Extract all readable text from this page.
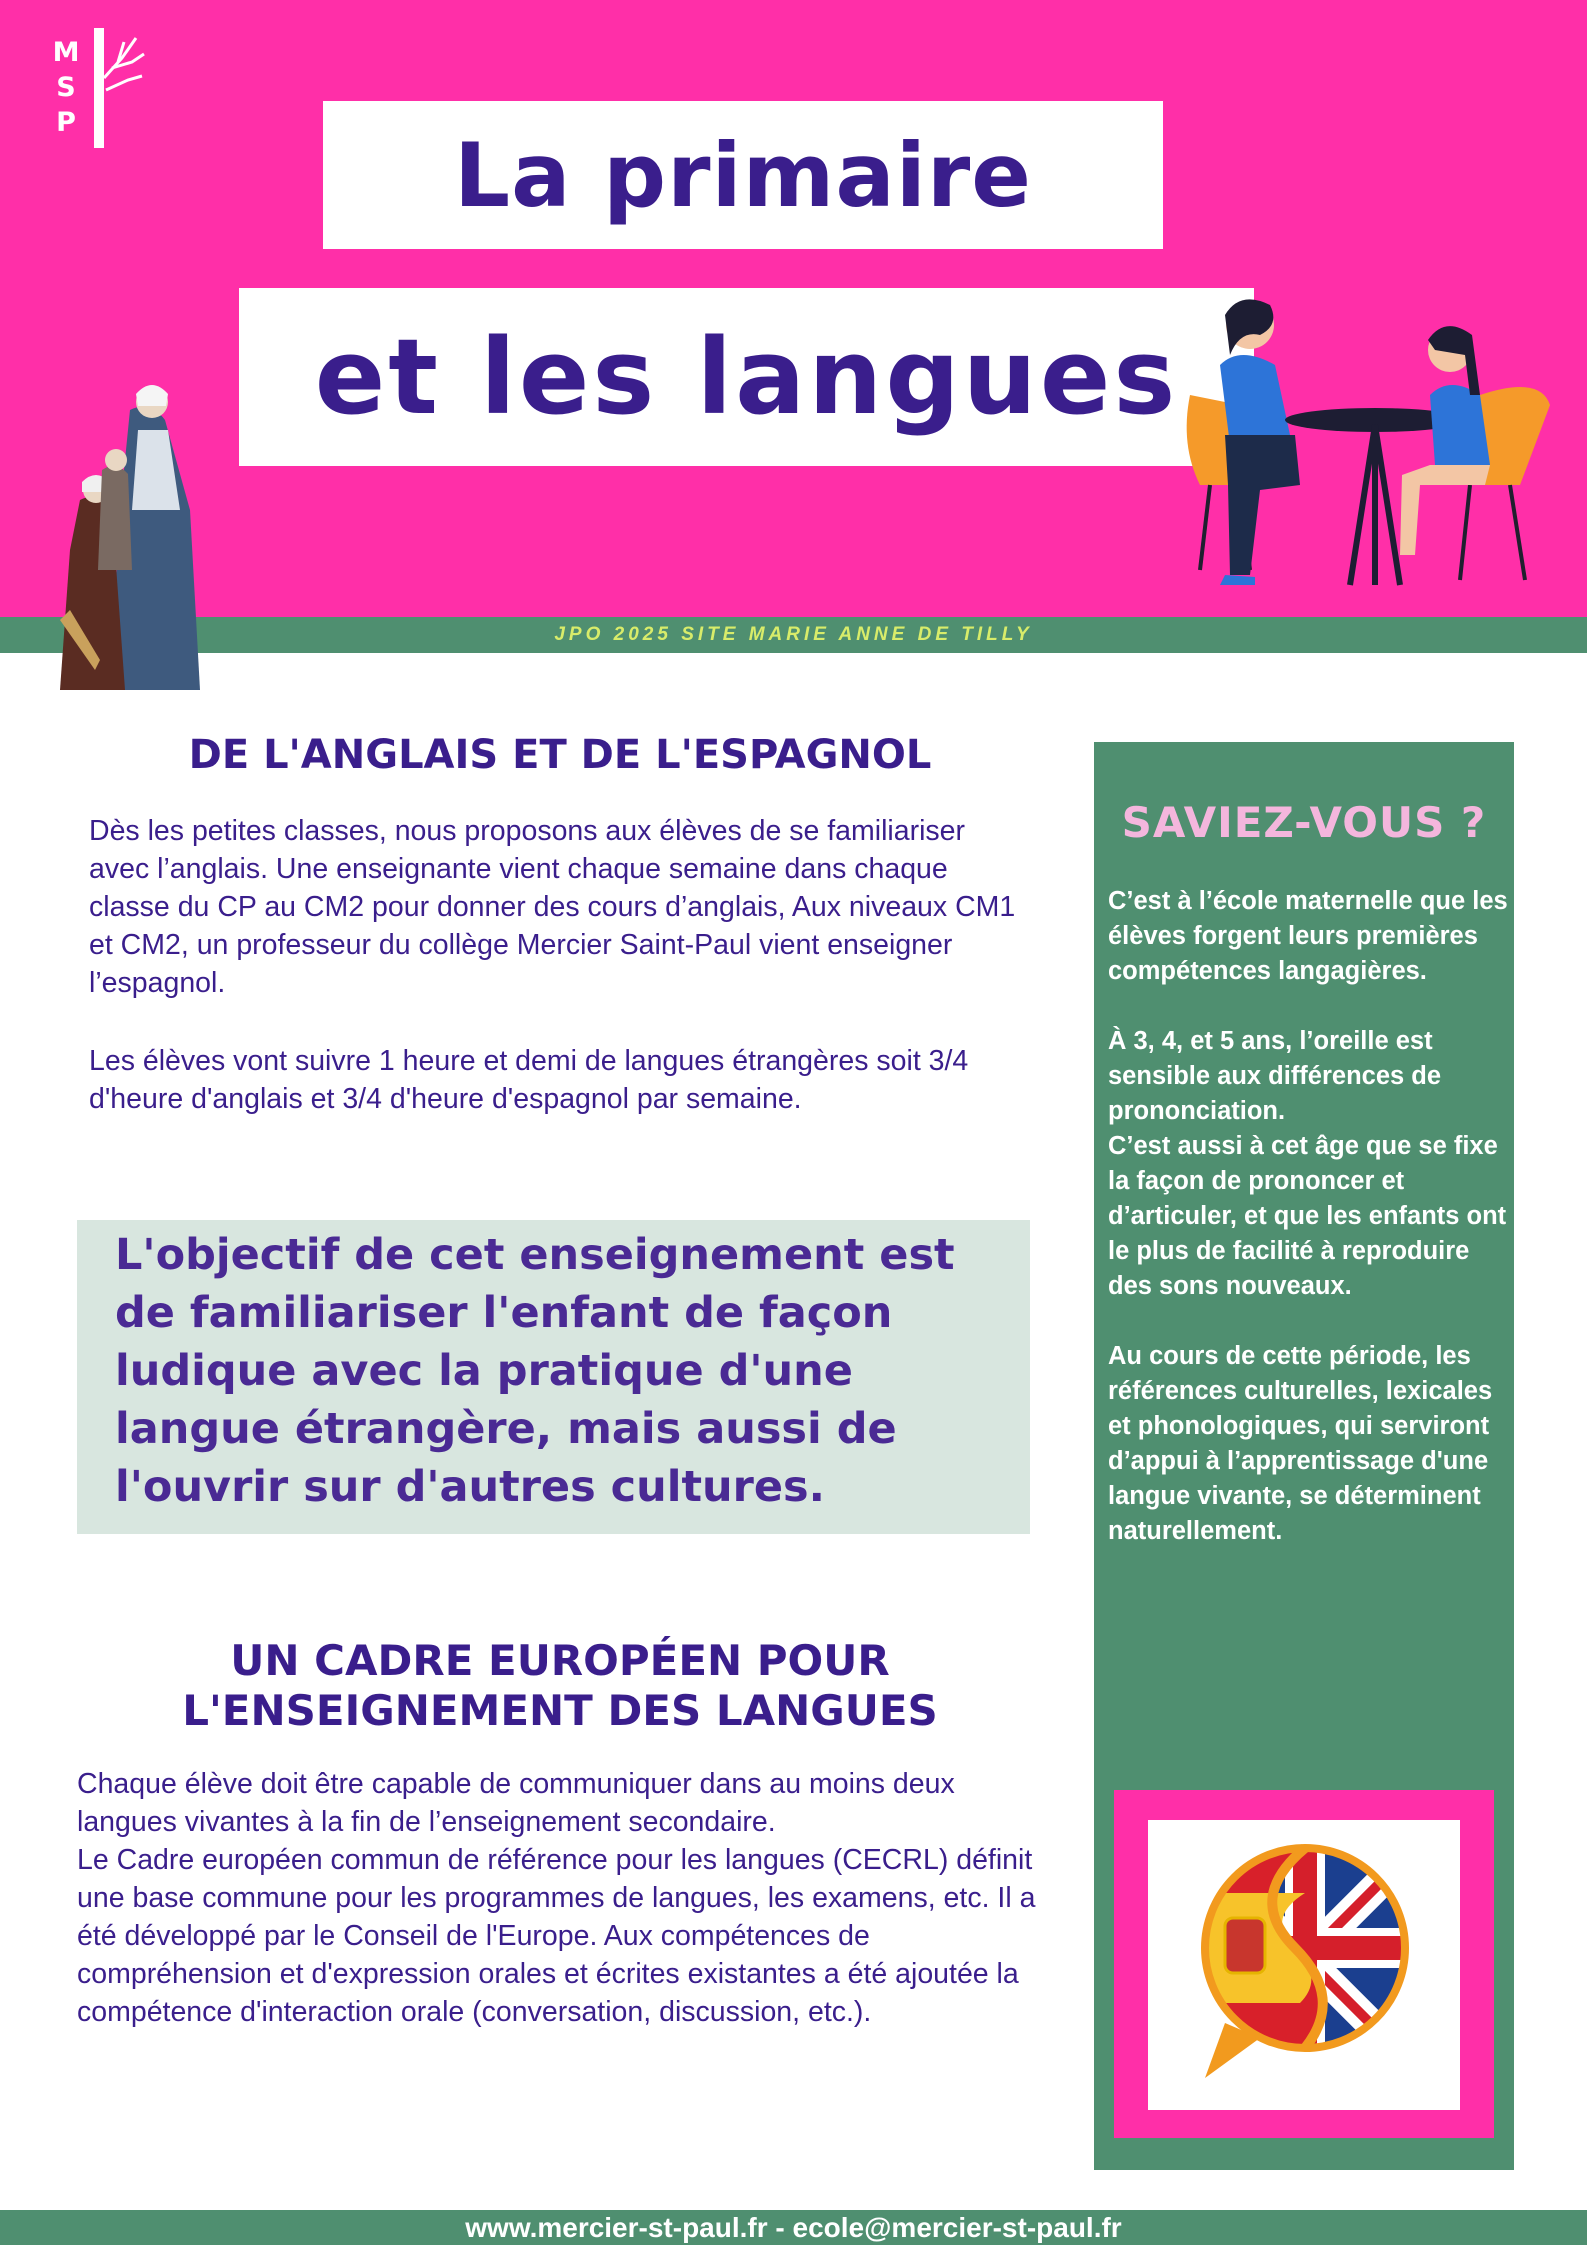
M
S
P
La primaire
et les langues
JPO 2025 SITE MARIE ANNE DE TILLY
DE L'ANGLAIS ET DE L'ESPAGNOL

Dès les petites classes, nous proposons aux élèves de se familiariser avec l’anglais. Une enseignante vient chaque semaine dans chaque classe du CP au CM2 pour donner des cours d’anglais, Aux niveaux CM1 et CM2, un professeur du collège Mercier Saint-Paul vient enseigner l’espagnol.

Les élèves vont suivre 1 heure et demi de langues étrangères soit 3/4 d'heure d'anglais et 3/4 d'heure d'espagnol par semaine.

L'objectif de cet enseignement est de familiariser l'enfant de façon ludique avec la pratique d'une langue étrangère, mais aussi de l'ouvrir sur d'autres cultures.

UN CADRE EUROPÉEN POUR L'ENSEIGNEMENT DES LANGUES

Chaque élève doit être capable de communiquer dans au moins deux langues vivantes à la fin de l’enseignement secondaire.
Le Cadre européen commun de référence pour les langues (CECRL) définit une base commune pour les programmes de langues, les examens, etc. Il a été développé par le Conseil de l'Europe. Aux compétences de compréhension et d'expression orales et écrites existantes a été ajoutée la compétence d'interaction orale (conversation, discussion, etc.).

SAVIEZ-VOUS ?

C’est à l’école maternelle que les élèves forgent leurs premières compétences langagières.

À 3, 4, et 5 ans, l’oreille est sensible aux différences de prononciation.
C’est aussi à cet âge que se fixe la façon de prononcer et d’articuler, et que les enfants ont le plus de facilité à reproduire des sons nouveaux.

Au cours de cette période, les références culturelles, lexicales et phonologiques, qui serviront d’appui à l’apprentissage d'une langue vivante, se déterminent naturellement.

www.mercier-st-paul.fr - ecole@mercier-st-paul.fr
